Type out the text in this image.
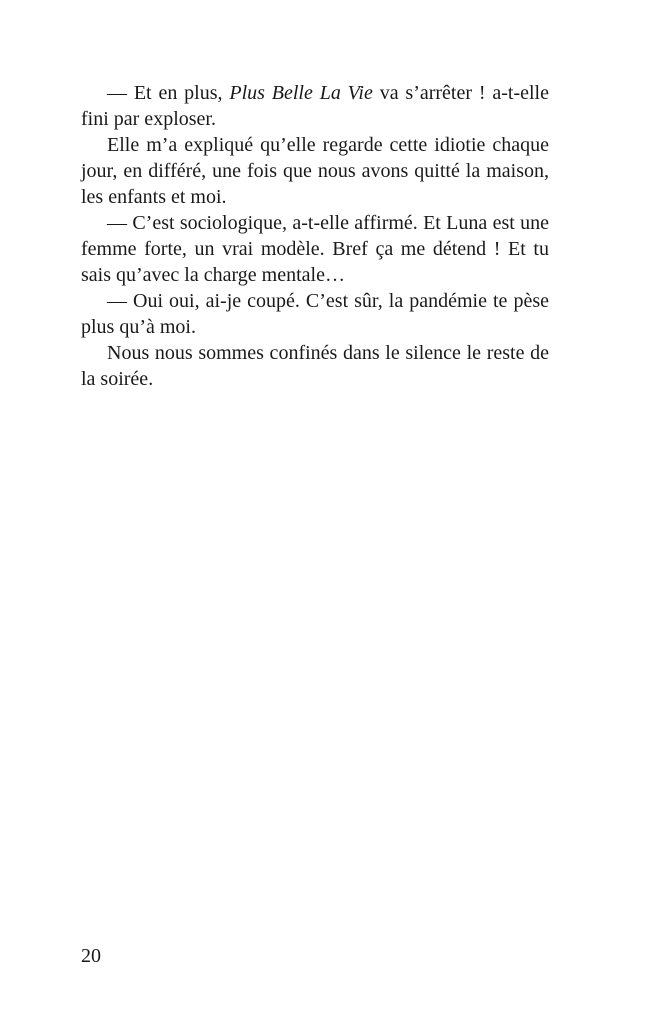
— Et en plus, Plus Belle La Vie va s’arrêter ! a-t-elle fini par exploser.

Elle m’a expliqué qu’elle regarde cette idiotie chaque jour, en différé, une fois que nous avons quitté la maison, les enfants et moi.

— C’est sociologique, a-t-elle affirmé. Et Luna est une femme forte, un vrai modèle. Bref ça me détend ! Et tu sais qu’avec la charge mentale…

— Oui oui, ai-je coupé. C’est sûr, la pandémie te pèse plus qu’à moi.

Nous nous sommes confinés dans le silence le reste de la soirée.

20
